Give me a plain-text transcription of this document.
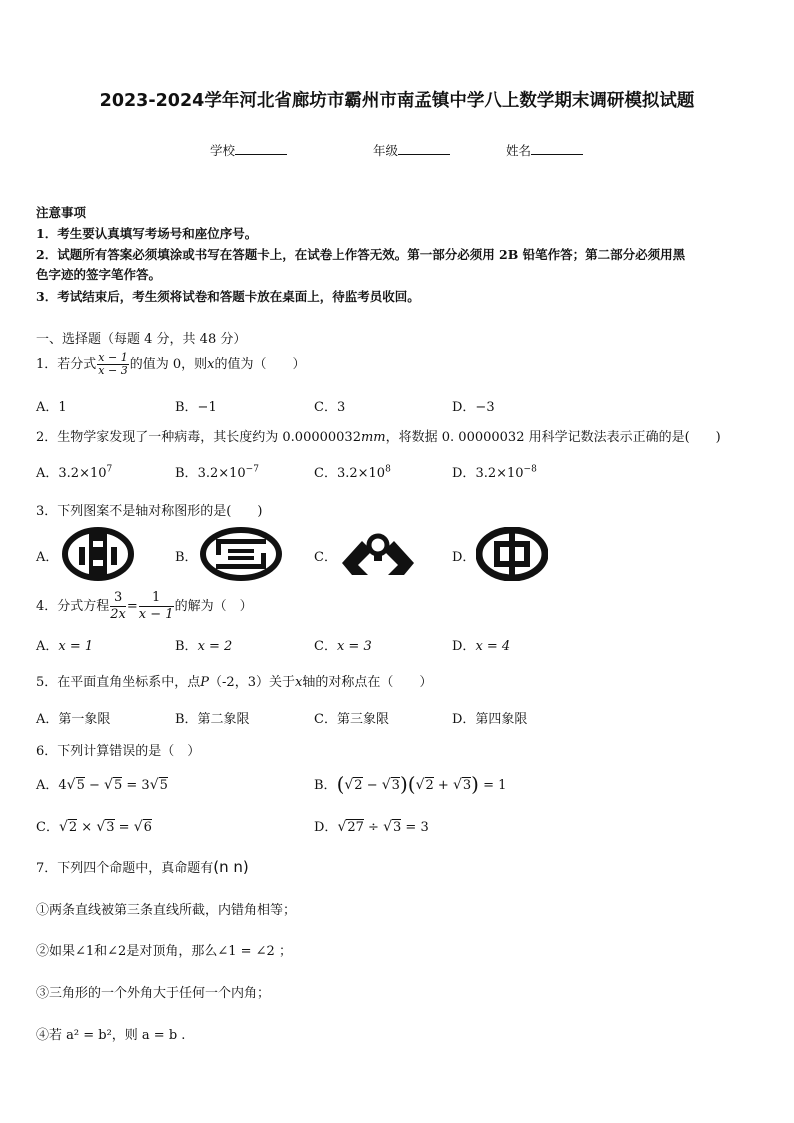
2023-2024学年河北省廊坊市霸州市南孟镇中学八上数学期末调研模拟试题
学校	年级	姓名
注意事项
1．考生要认真填写考场号和座位序号。
2．试题所有答案必须填涂或书写在答题卡上，在试卷上作答无效。第一部分必须用 2B 铅笔作答；第二部分必须用黑
色字迹的签字笔作答。
3．考试结束后，考生须将试卷和答题卡放在桌面上，待监考员收回。
一、选择题（每题 4 分，共 48 分）
1．若分式 $\frac{x - 1}{x - 3}$ 的值为 0，则x的值为（　　）
A．1	B．−1	C．3	D．−3
2．生物学家发现了一种病毒，其长度约为 0.00000032mm，将数据 0. 00000032 用科学记数法表示正确的是(　　)
A．$3.2\times 10^7$	B．$3.2\times 10^{-7}$	C．$3.2\times 10^8$	D．$3.2\times 10^{-8}$
3．下列图案不是轴对称图形的是(　　)
A．	B．	C．	D．
4．分式方程 $\frac{3}{2x} = \frac{1}{x - 1}$ 的解为（　）
A．x = 1	B．x = 2	C．x = 3	D．x = 4
5．在平面直角坐标系中，点P（-2，3）关于x轴的对称点在（　　）
A．第一象限	B．第二象限	C．第三象限	D．第四象限
6．下列计算错误的是（　）
A．4√5 − √5 = 3√5	B．(√2 − √3)(√2 + √3) = 1
C．√2 × √3 = √6	D．√27 ÷ √3 = 3
7．下列四个命题中，真命题有(n n)
①两条直线被第三条直线所截，内错角相等；
②如果∠1和∠2是对顶角，那么∠1 = ∠2 ；
③三角形的一个外角大于任何一个内角；
④若 a² = b²，则 a = b .
